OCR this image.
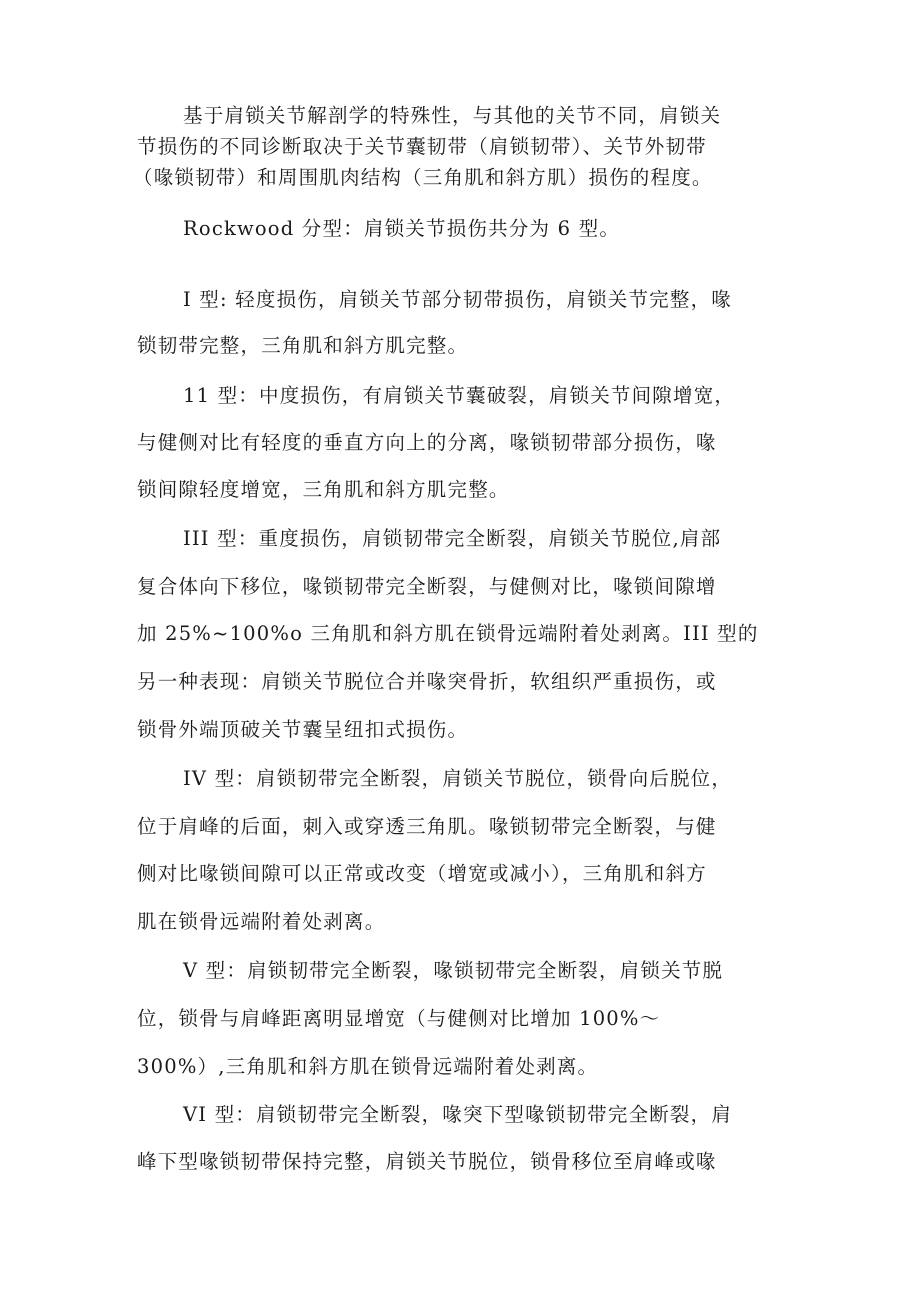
基于肩锁关节解剖学的特殊性，与其他的关节不同，肩锁关
节损伤的不同诊断取决于关节囊韧带（肩锁韧带）、关节外韧带
（喙锁韧带）和周围肌肉结构（三角肌和斜方肌）损伤的程度。
Rockwood 分型：肩锁关节损伤共分为 6 型。
I 型: 轻度损伤，肩锁关节部分韧带损伤，肩锁关节完整，喙
锁韧带完整，三角肌和斜方肌完整。
11 型：中度损伤，有肩锁关节囊破裂，肩锁关节间隙增宽，
与健侧对比有轻度的垂直方向上的分离，喙锁韧带部分损伤，喙
锁间隙轻度增宽，三角肌和斜方肌完整。
III 型：重度损伤，肩锁韧带完全断裂，肩锁关节脱位,肩部
复合体向下移位，喙锁韧带完全断裂，与健侧对比，喙锁间隙增
加 25%~100%o 三角肌和斜方肌在锁骨远端附着处剥离。III 型的
另一种表现：肩锁关节脱位合并喙突骨折，软组织严重损伤，或
锁骨外端顶破关节囊呈纽扣式损伤。
IV 型：肩锁韧带完全断裂，肩锁关节脱位，锁骨向后脱位，
位于肩峰的后面，刺入或穿透三角肌。喙锁韧带完全断裂，与健
侧对比喙锁间隙可以正常或改变（增宽或减小），三角肌和斜方
肌在锁骨远端附着处剥离。
V 型：肩锁韧带完全断裂，喙锁韧带完全断裂，肩锁关节脱
位，锁骨与肩峰距离明显增宽（与健侧对比增加 100%～
300%）,三角肌和斜方肌在锁骨远端附着处剥离。
VI 型：肩锁韧带完全断裂，喙突下型喙锁韧带完全断裂，肩
峰下型喙锁韧带保持完整，肩锁关节脱位，锁骨移位至肩峰或喙
